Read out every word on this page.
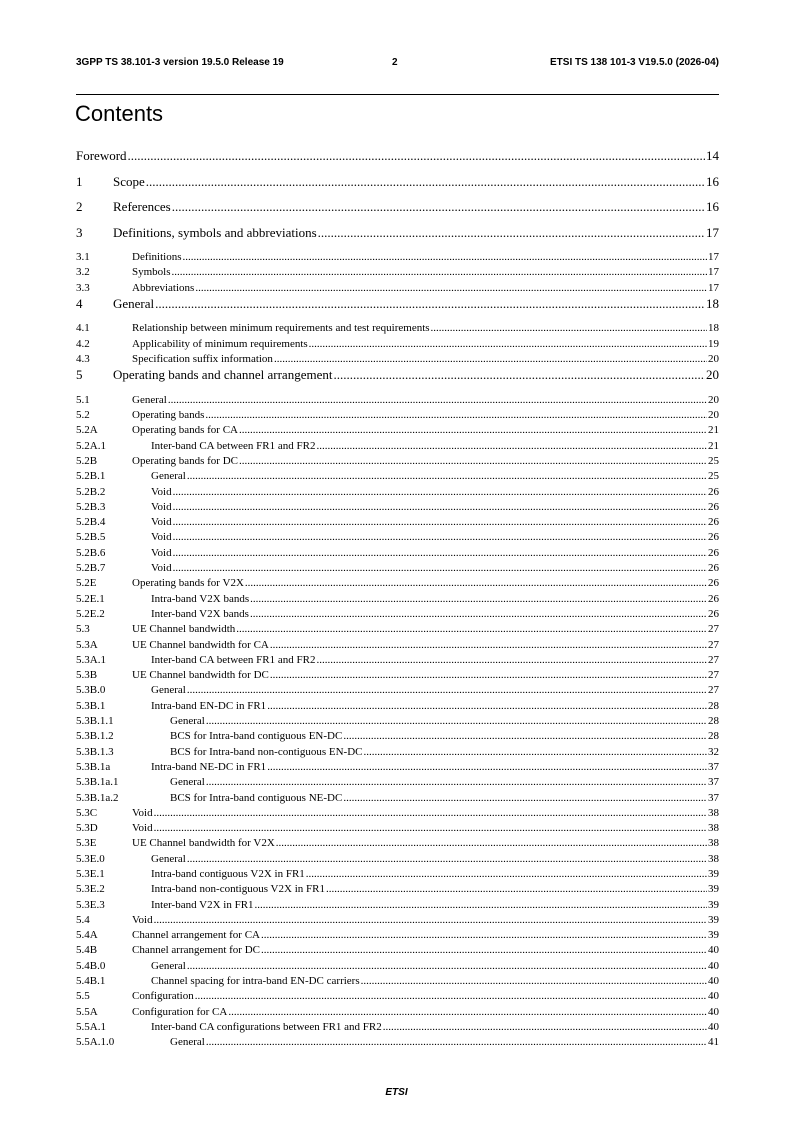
3GPP TS 38.101-3 version 19.5.0 Release 19	2	ETSI TS 138 101-3 V19.5.0 (2026-04)
Contents
Foreword .....	14
1 Scope .....	16
2 References .....	16
3 Definitions, symbols and abbreviations .....	17
3.1	Definitions .....	17
3.2	Symbols .....	17
3.3	Abbreviations .....	17
4 General .....	18
4.1	Relationship between minimum requirements and test requirements .....	18
4.2	Applicability of minimum requirements .....	19
4.3	Specification suffix information .....	20
5 Operating bands and channel arrangement .....	20
5.1	General .....	20
5.2	Operating bands .....	20
5.2A	Operating bands for CA .....	21
5.2A.1	Inter-band CA between FR1 and FR2 .....	21
5.2B	Operating bands for DC .....	25
5.2B.1	General .....	25
5.2B.2	Void .....	26
5.2B.3	Void .....	26
5.2B.4	Void .....	26
5.2B.5	Void .....	26
5.2B.6	Void .....	26
5.2B.7	Void .....	26
5.2E	Operating bands for V2X .....	26
5.2E.1	Intra-band V2X bands .....	26
5.2E.2	Inter-band V2X bands .....	26
5.3	UE Channel bandwidth .....	27
5.3A	UE Channel bandwidth for CA .....	27
5.3A.1	Inter-band CA between FR1 and FR2 .....	27
5.3B	UE Channel bandwidth for DC .....	27
5.3B.0	General .....	27
5.3B.1	Intra-band EN-DC in FR1 .....	28
5.3B.1.1	General .....	28
5.3B.1.2	BCS for Intra-band contiguous EN-DC .....	28
5.3B.1.3	BCS for Intra-band non-contiguous EN-DC .....	32
5.3B.1a	Intra-band NE-DC in FR1 .....	37
5.3B.1a.1	General .....	37
5.3B.1a.2	BCS for Intra-band contiguous NE-DC .....	37
5.3C	Void .....	38
5.3D	Void .....	38
5.3E	UE Channel bandwidth for V2X .....	38
5.3E.0	General .....	38
5.3E.1	Intra-band contiguous V2X in FR1 .....	39
5.3E.2	Intra-band non-contiguous V2X in FR1 .....	39
5.3E.3	Inter-band V2X in FR1 .....	39
5.4	Void .....	39
5.4A	Channel arrangement for CA .....	39
5.4B	Channel arrangement for DC .....	40
5.4B.0	General .....	40
5.4B.1	Channel spacing for intra-band EN-DC carriers .....	40
5.5	Configuration .....	40
5.5A	Configuration for CA .....	40
5.5A.1	Inter-band CA configurations between FR1 and FR2 .....	40
5.5A.1.0	General .....	41
ETSI
